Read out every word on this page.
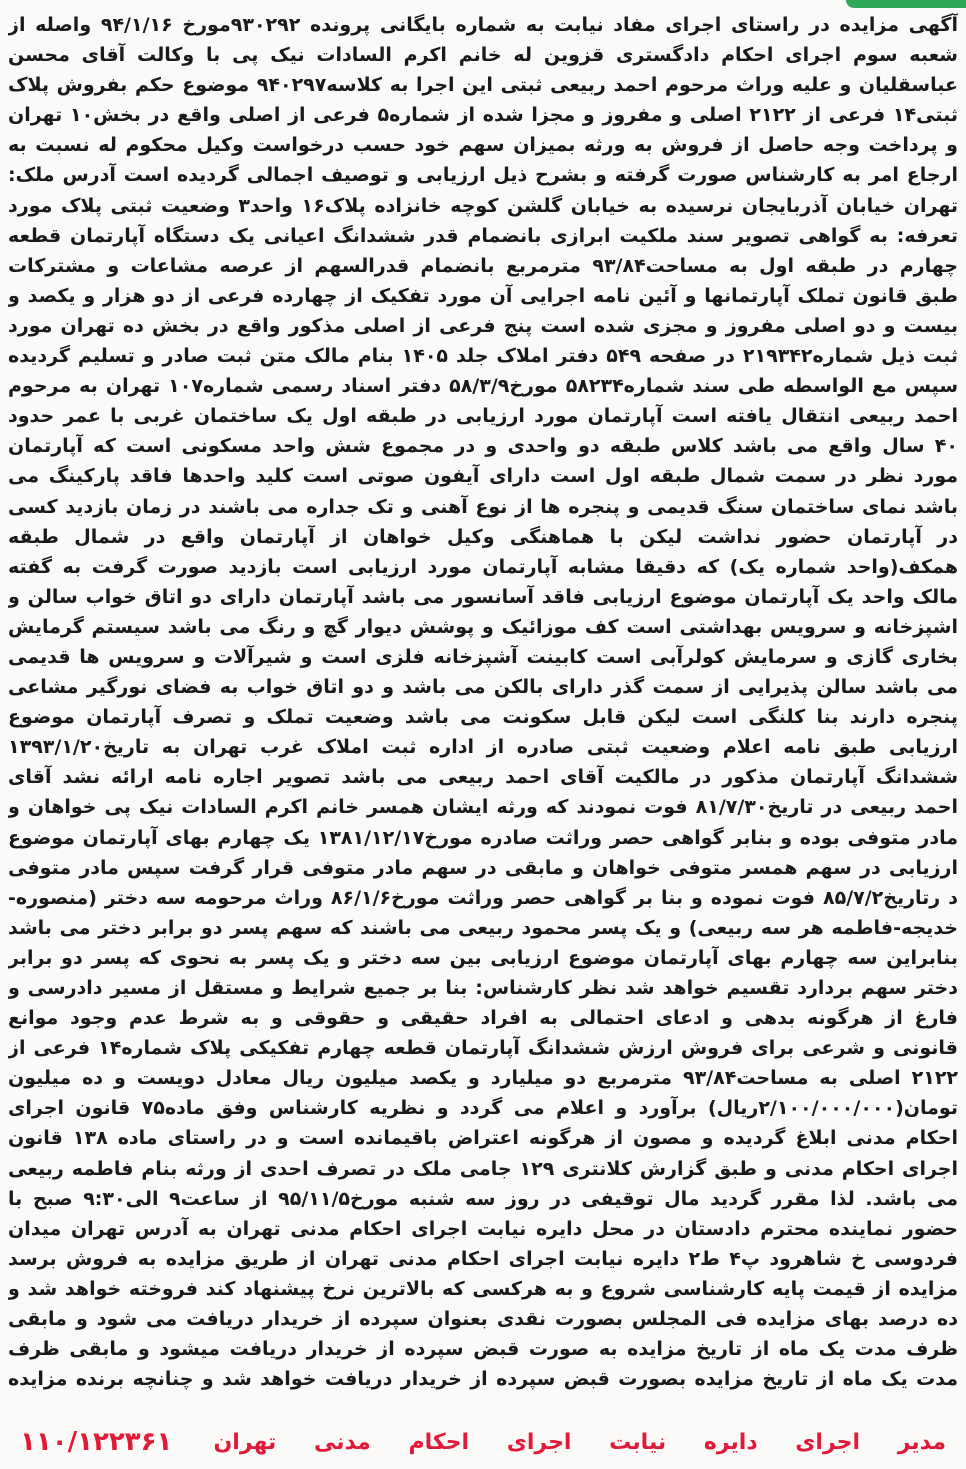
آگهی مزایده در راستای اجرای مفاد نیابت به شماره بایگانی پرونده ۹۳۰۲۹۲مورخ ۹۴/۱/۱۶ واصله از شعبه سوم اجرای احکام دادگستری قزوین له خانم اکرم السادات نیک پی با وکالت آقای محسن عباسقلیان و علیه وراث مرحوم احمد ربیعی ثبتی این اجرا به کلاسه۹۴۰۲۹۷ موضوع حکم بفروش پلاک ثبتی۱۴ فرعی از ۲۱۲۲ اصلی و مفروز و مجزا شده از شماره۵ فرعی از اصلی واقع در بخش۱۰ تهران و پرداخت وجه حاصل از فروش به ورثه بمیزان سهم خود حسب درخواست وکیل محکوم له نسبت به ارجاع امر به کارشناس صورت گرفته و بشرح ذیل ارزیابی و توصیف اجمالی گردیده است آدرس ملک: تهران خیابان آذربایجان نرسیده به خیابان گلشن کوچه خانزاده پلاک۱۶ واحد۳ وضعیت ثبتی پلاک مورد تعرفه: به گواهی تصویر سند ملکیت ابرازی بانضمام قدر ششدانگ اعیانی یک دستگاه آپارتمان قطعه چهارم در طبقه اول به مساحت۹۳/۸۴ مترمربع بانضمام قدرالسهم از عرصه مشاعات و مشترکات طبق قانون تملک آپارتمانها و آئین نامه اجرایی آن مورد تفکیک از چهارده فرعی از دو هزار و یکصد و بیست و دو اصلی مفروز و مجزی شده است پنج فرعی از اصلی مذکور واقع در بخش ده تهران مورد ثبت ذیل شماره۲۱۹۳۴۲ در صفحه ۵۴۹ دفتر املاک جلد ۱۴۰۵ بنام مالک متن ثبت صادر و تسلیم گردیده سپس مع الواسطه طی سند شماره۵۸۲۳۴ مورخ۵۸/۳/۹ دفتر اسناد رسمی شماره۱۰۷ تهران به مرحوم احمد ربیعی انتقال یافته است آپارتمان مورد ارزیابی در طبقه اول یک ساختمان غربی با عمر حدود ۴۰ سال واقع می باشد کلاس طبقه دو واحدی و در مجموع شش واحد مسکونی است که آپارتمان مورد نظر در سمت شمال طبقه اول است دارای آیفون صوتی است کلید واحدها فاقد پارکینگ می باشد نمای ساختمان سنگ قدیمی و پنجره ها از نوع آهنی و تک جداره می باشند در زمان بازدید کسی در آپارتمان حضور نداشت لیکن با هماهنگی وکیل خواهان از آپارتمان واقع در شمال طبقه همکف(واحد شماره یک) که دقیقا مشابه آپارتمان مورد ارزیابی است بازدید صورت گرفت به گفته مالک واحد یک آپارتمان موضوع ارزیابی فاقد آسانسور می باشد آپارتمان دارای دو اتاق خواب سالن و اشپزخانه و سرویس بهداشتی است کف موزائیک و پوشش دیوار گچ و رنگ می باشد سیستم گرمایش بخاری گازی و سرمایش کولرآبی است کابینت آشپزخانه فلزی است و شیرآلات و سرویس ها قدیمی می باشد سالن پذیرایی از سمت گذر دارای بالکن می باشد و دو اتاق خواب به فضای نورگیر مشاعی پنجره دارند بنا کلنگی است لیکن قابل سکونت می باشد وضعیت تملک و تصرف آپارتمان موضوع ارزیابی طبق نامه اعلام وضعیت ثبتی صادره از اداره ثبت املاک غرب تهران به تاریخ۱۳۹۳/۱/۲۰ ششدانگ آپارتمان مذکور در مالکیت آقای احمد ربیعی می باشد تصویر اجاره نامه ارائه نشد آقای احمد ربیعی در تاریخ۸۱/۷/۳۰ فوت نمودند که ورثه ایشان همسر خانم اکرم السادات نیک پی خواهان و مادر متوفی بوده و بنابر گواهی حصر وراثت صادره مورخ۱۳۸۱/۱۲/۱۷ یک چهارم بهای آپارتمان موضوع ارزیابی در سهم همسر متوفی خواهان و مابقی در سهم مادر متوفی قرار گرفت سپس مادر متوفی د رتاریخ۸۵/۷/۲ فوت نموده و بنا بر گواهی حصر وراثت مورخ۸۶/۱/۶ وراث مرحومه سه دختر (منصوره-خدیجه-فاطمه هر سه ربیعی) و یک پسر محمود ربیعی می باشند که سهم پسر دو برابر دختر می باشد بنابراین سه چهارم بهای آپارتمان موضوع ارزیابی بین سه دختر و یک پسر به نحوی که پسر دو برابر دختر سهم بردارد تقسیم خواهد شد نظر کارشناس: بنا بر جمیع شرایط و مستقل از مسیر دادرسی و فارغ از هرگونه بدهی و ادعای احتمالی به افراد حقیقی و حقوقی و به شرط عدم وجود موانع قانونی و شرعی برای فروش ارزش ششدانگ آپارتمان قطعه چهارم تفکیکی پلاک شماره۱۴ فرعی از ۲۱۲۲ اصلی به مساحت۹۳/۸۴ مترمربع دو میلیارد و یکصد میلیون ریال معادل دویست و ده میلیون تومان(۲/۱۰۰/۰۰۰/۰۰۰ریال) برآورد و اعلام می گردد و نظریه کارشناس وفق ماده۷۵ قانون اجرای احکام مدنی ابلاغ گردیده و مصون از هرگونه اعتراض باقیمانده است و در راستای ماده ۱۳۸ قانون اجرای احکام مدنی و طبق گزارش کلانتری ۱۲۹ جامی ملک در تصرف احدی از ورثه بنام فاطمه ربیعی می باشد. لذا مقرر گردید مال توقیفی در روز سه شنبه مورخ۹۵/۱۱/۵ از ساعت۹ الی۹:۳۰ صبح با حضور نماینده محترم دادستان در محل دایره نیابت اجرای احکام مدنی تهران به آدرس تهران میدان فردوسی خ شاهرود پ۴ ط۲ دایره نیابت اجرای احکام مدنی تهران از طریق مزایده به فروش برسد مزایده از قیمت پایه کارشناسی شروع و به هرکسی که بالاترین نرخ پیشنهاد کند فروخته خواهد شد و ده درصد بهای مزایده فی المجلس بصورت نقدی بعنوان سپرده از خریدار دریافت می شود و مابقی ظرف مدت یک ماه از تاریخ مزایده به صورت قبض سپرده از خریدار دریافت میشود و مابقی ظرف مدت یک ماه از تاریخ مزایده بصورت قبض سپرده از خریدار دریافت خواهد شد و چنانچه برنده مزایده

مدیر اجرای دایره نیابت اجرای احکام مدنی تهران
۱۱۰/۱۲۲۳۶۱
